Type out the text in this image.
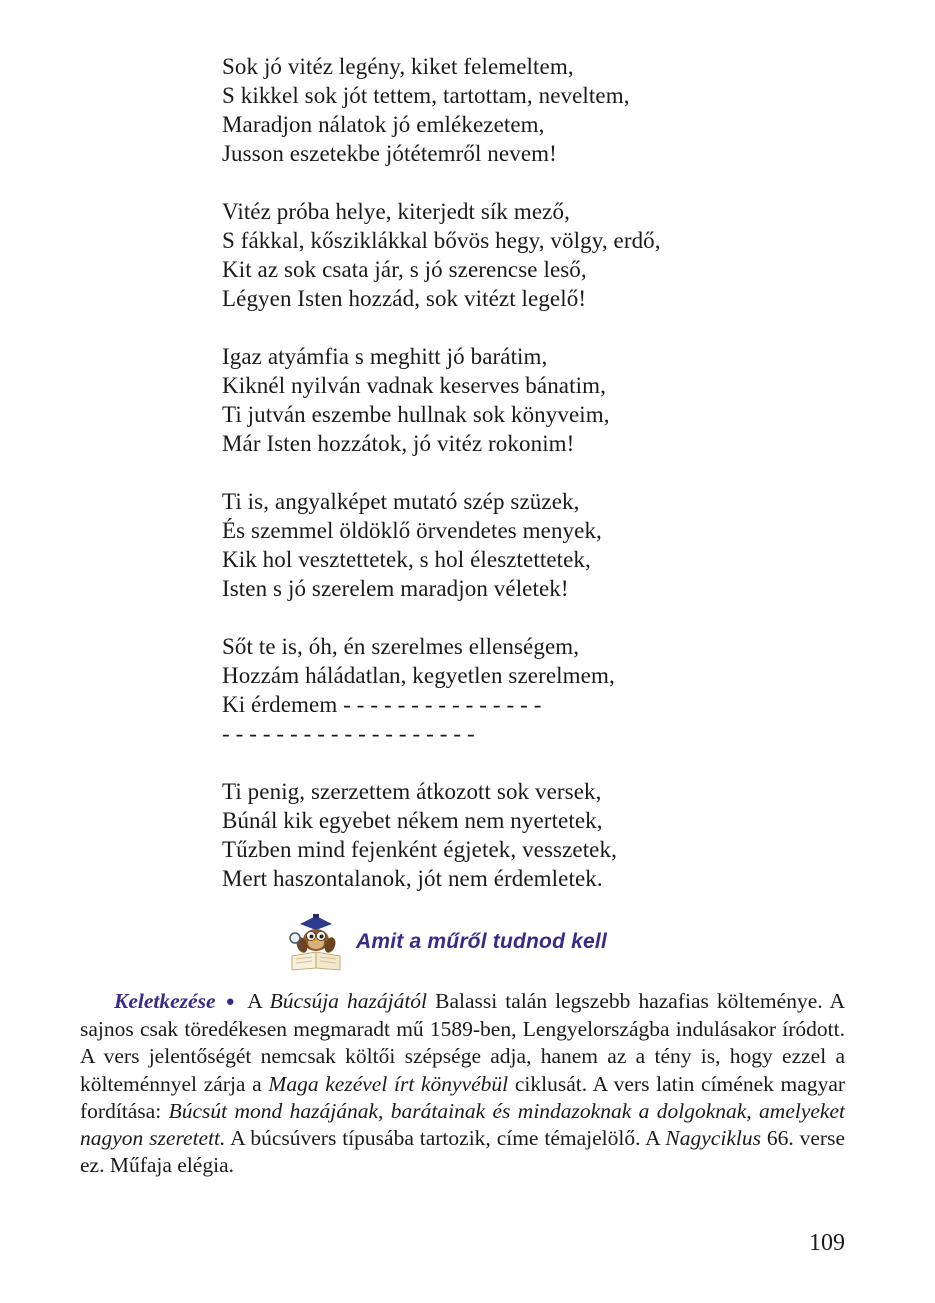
Sok jó vitéz legény, kiket felemeltem,
S kikkel sok jót tettem, tartottam, neveltem,
Maradjon nálatok jó emlékezetem,
Jusson eszetekbe jótétemről nevem!
Vitéz próba helye, kiterjedt sík mező,
S fákkal, kősziklákkal bővös hegy, völgy, erdő,
Kit az sok csata jár, s jó szerencse leső,
Légyen Isten hozzád, sok vitézt legelő!
Igaz atyámfia s meghitt jó barátim,
Kiknél nyilván vadnak keserves bánatim,
Ti jutván eszembe hullnak sok könyveim,
Már Isten hozzátok, jó vitéz rokonim!
Ti is, angyalképet mutató szép szüzek,
És szemmel öldöklő örvendetes menyek,
Kik hol vesztettetek, s hol élesztettetek,
Isten s jó szerelem maradjon véletek!
Sőt te is, óh, én szerelmes ellenségem,
Hozzám háládatlan, kegyetlen szerelmem,
Ki érdemem - - - - - - - - - - - - - - -
- - - - - - - - - - - - - - - - - - -
Ti penig, szerzettem átkozott sok versek,
Búnál kik egyebet nékem nem nyertetek,
Tűzben mind fejenként égjetek, vesszetek,
Mert haszontalanok, jót nem érdemletek.
Amit a műről tudnod kell

Keletkezése ● A Búcsúja hazájától Balassi talán legszebb hazafias költeménye. A sajnos csak töredékesen megmaradt mű 1589-ben, Lengyelországba indulásakor íródott. A vers jelentőségét nemcsak költői szépsége adja, hanem az a tény is, hogy ezzel a költeménnyel zárja a Maga kezével írt könyvébül ciklusát. A vers latin címének magyar fordítása: Búcsút mond hazájának, barátainak és mindazoknak a dolgoknak, amelyeket nagyon szeretett. A búcsúvers típusába tartozik, címe témajelölő. A Nagyciklus 66. verse ez. Műfaja elégia.

109
